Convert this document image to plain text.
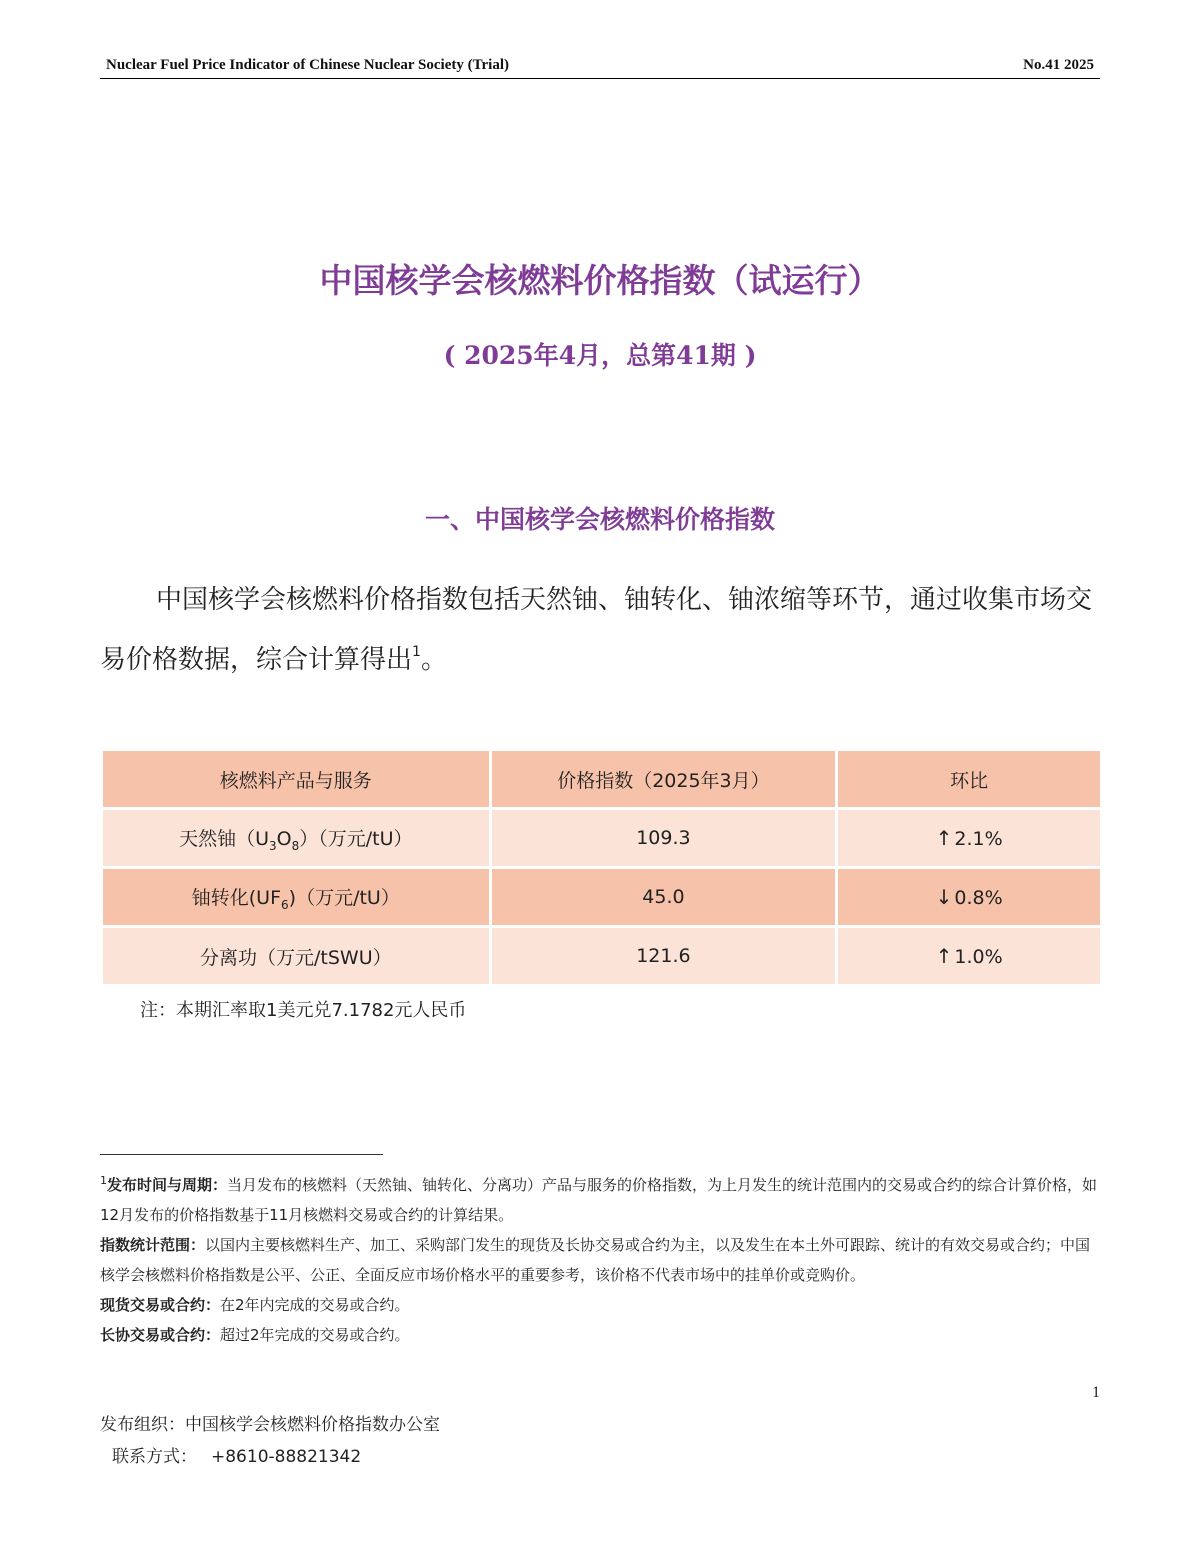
Nuclear Fuel Price Indicator of Chinese Nuclear Society (Trial)	No.41 2025
中国核学会核燃料价格指数（试运行）
( 2025年4月，总第41期 )
一、中国核学会核燃料价格指数
中国核学会核燃料价格指数包括天然铀、铀转化、铀浓缩等环节，通过收集市场交易价格数据，综合计算得出$^1$。
核燃料产品与服务	价格指数（2025年3月）	环比
天然铀$(U_3O_8)$（万元/tU）	109.3	↑ 2.1%
铀转化$(UF_6)$（万元/tU）	45.0	↓ 0.8%
分离功（万元/tSWU）	121.6	↑ 1.0%
注：本期汇率取1美元兑7.1782元人民币

$^1$发布时间与周期：当月发布的核燃料（天然铀、铀转化、分离功）产品与服务的价格指数，为上月发生的统计范围内的交易或合约的综合计算价格，如12月发布的价格指数基于11月核燃料交易或合约的计算结果。

指数统计范围：以国内主要核燃料生产、加工、采购部门发生的现货及长协交易或合约为主，以及发生在本土外可跟踪、统计的有效交易或合约；中国核学会核燃料价格指数是公平、公正、全面反应市场价格水平的重要参考，该价格不代表市场中的挂单价或竞购价。

现货交易或合约：在2年内完成的交易或合约。

长协交易或合约：超过2年完成的交易或合约。

1
发布组织：中国核学会核燃料价格指数办公室
联系方式： +8610-88821342
